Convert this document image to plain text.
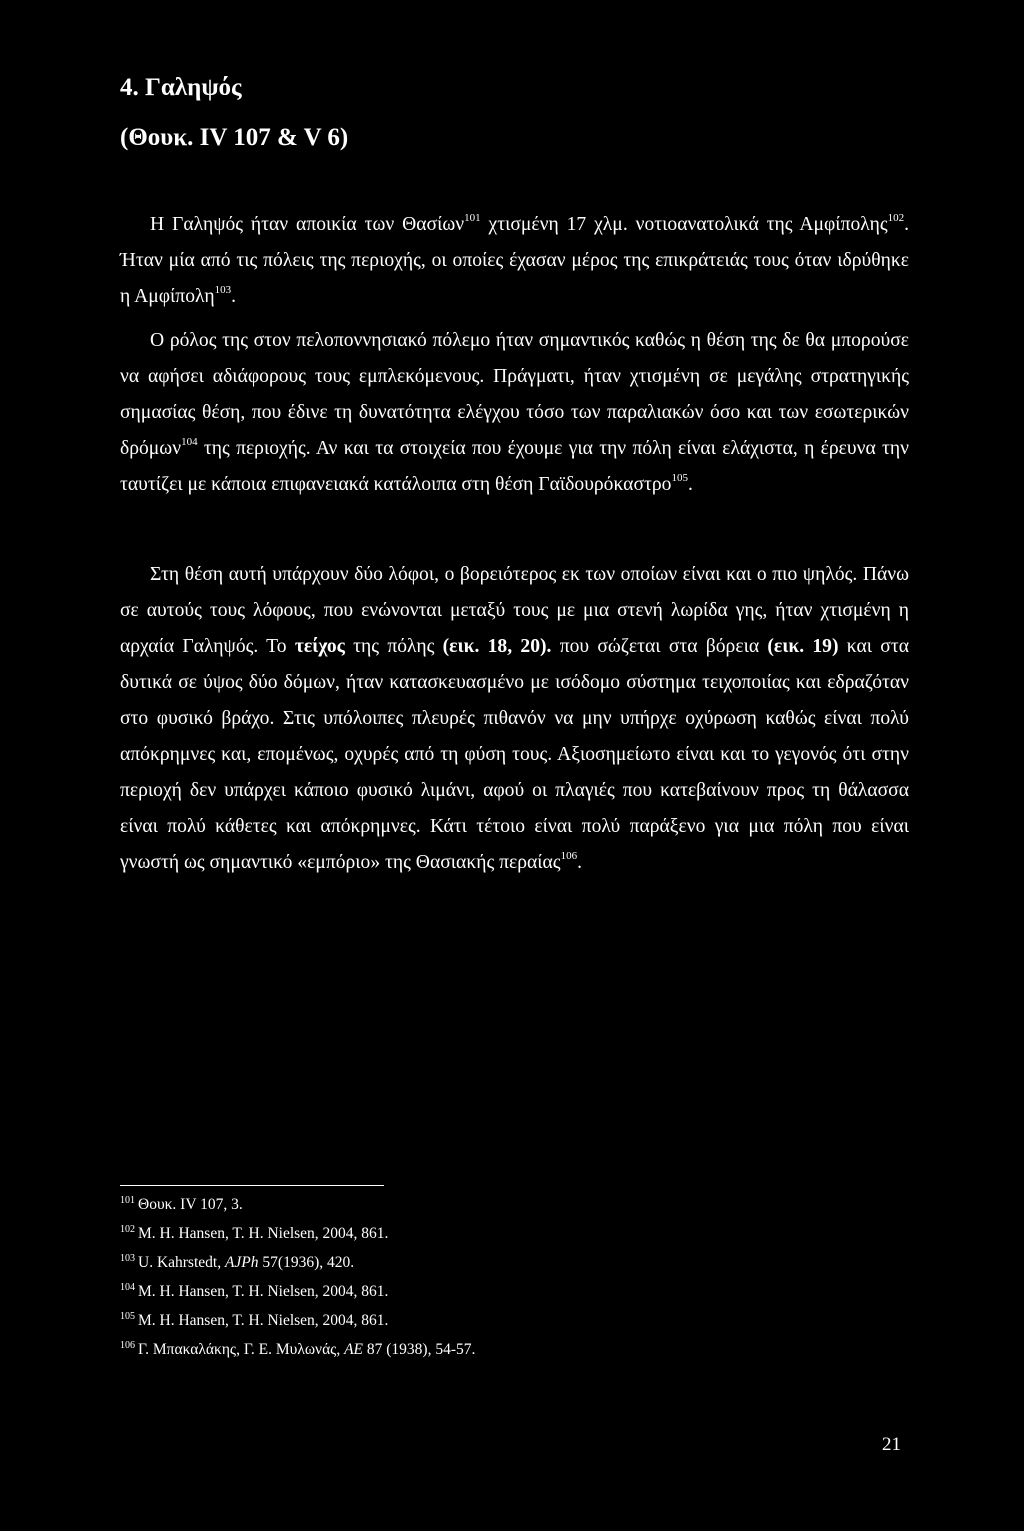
4. Γαληψός
(Θουκ. IV 107 & V 6)

Η Γαληψός ήταν αποικία των Θασίων$^{101}$ χτισμένη 17 χλμ. νοτιοανατολικά της Αμφίπολης$^{102}$. Ήταν μία από τις πόλεις της περιοχής, οι οποίες έχασαν μέρος της επικράτειάς τους όταν ιδρύθηκε η Αμφίπολη$^{103}$.

Ο ρόλος της στον πελοποννησιακό πόλεμο ήταν σημαντικός καθώς η θέση της δε θα μπορούσε να αφήσει αδιάφορους τους εμπλεκόμενους. Πράγματι, ήταν χτισμένη σε μεγάλης στρατηγικής σημασίας θέση, που έδινε τη δυνατότητα ελέγχου τόσο των παραλιακών όσο και των εσωτερικών δρόμων$^{104}$ της περιοχής. Αν και τα στοιχεία που έχουμε για την πόλη είναι ελάχιστα, η έρευνα την ταυτίζει με κάποια επιφανειακά κατάλοιπα στη θέση Γαϊδουρόκαστρο$^{105}$.

Στη θέση αυτή υπάρχουν δύο λόφοι, ο βορειότερος εκ των οποίων είναι και ο πιο ψηλός. Πάνω σε αυτούς τους λόφους, που ενώνονται μεταξύ τους με μια στενή λωρίδα γης, ήταν χτισμένη η αρχαία Γαληψός. Το τείχος της πόλης (εικ. 18, 20). που σώζεται στα βόρεια (εικ. 19) και στα δυτικά σε ύψος δύο δόμων, ήταν κατασκευασμένο με ισόδομο σύστημα τειχοποιίας και εδραζόταν στο φυσικό βράχο. Στις υπόλοιπες πλευρές πιθανόν να μην υπήρχε οχύρωση καθώς είναι πολύ απόκρημνες και, επομένως, οχυρές από τη φύση τους. Αξιοσημείωτο είναι και το γεγονός ότι στην περιοχή δεν υπάρχει κάποιο φυσικό λιμάνι, αφού οι πλαγιές που κατεβαίνουν προς τη θάλασσα είναι πολύ κάθετες και απόκρημνες. Κάτι τέτοιο είναι πολύ παράξενο για μια πόλη που είναι γνωστή ως σημαντικό «εμπόριο» της Θασιακής περαίας$^{106}$.

$^{101}$ Θουκ. IV 107, 3.
$^{102}$ M. H. Hansen, T. H. Nielsen, 2004, 861.
$^{103}$ U. Kahrstedt, AJPh 57(1936), 420.
$^{104}$ M. H. Hansen, T. H. Nielsen, 2004, 861.
$^{105}$ M. H. Hansen, T. H. Nielsen, 2004, 861.
$^{106}$ Γ. Μπακαλάκης, Γ. Ε. Μυλωνάς, ΑΕ 87 (1938), 54-57.
21
